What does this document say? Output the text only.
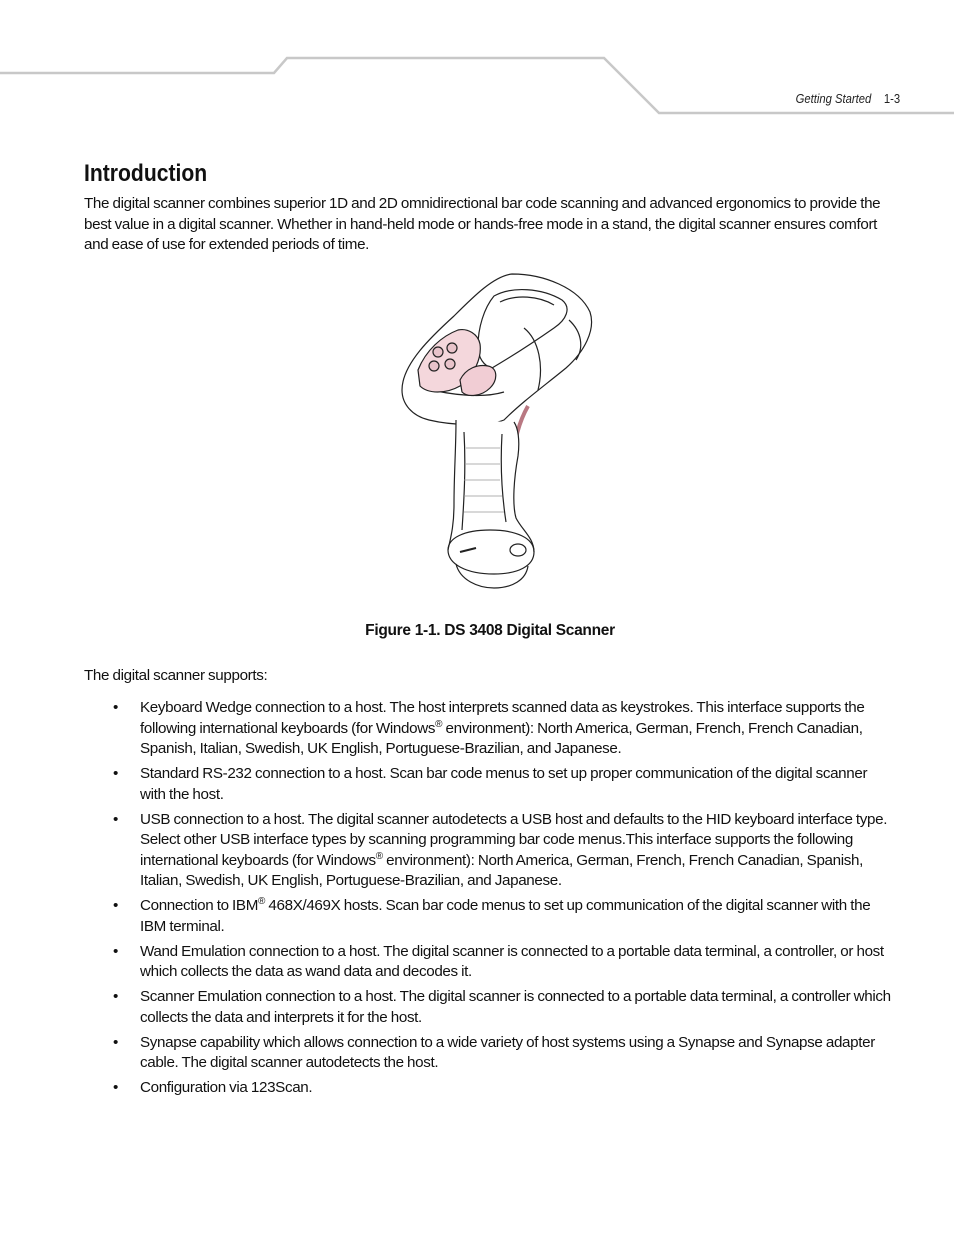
Getting Started 1-3
Introduction

The digital scanner combines superior 1D and 2D omnidirectional bar code scanning and advanced ergonomics to provide the best value in a digital scanner. Whether in hand-held mode or hands-free mode in a stand, the digital scanner ensures comfort and ease of use for extended periods of time.

Figure 1-1. DS 3408 Digital Scanner

The digital scanner supports:

• Keyboard Wedge connection to a host. The host interprets scanned data as keystrokes. This interface supports the following international keyboards (for Windows® environment): North America, German, French, French Canadian, Spanish, Italian, Swedish, UK English, Portuguese-Brazilian, and Japanese.
• Standard RS-232 connection to a host. Scan bar code menus to set up proper communication of the digital scanner with the host.
• USB connection to a host. The digital scanner autodetects a USB host and defaults to the HID keyboard interface type. Select other USB interface types by scanning programming bar code menus.This interface supports the following international keyboards (for Windows® environment): North America, German, French, French Canadian, Spanish, Italian, Swedish, UK English, Portuguese-Brazilian, and Japanese.
• Connection to IBM® 468X/469X hosts. Scan bar code menus to set up communication of the digital scanner with the IBM terminal.
• Wand Emulation connection to a host. The digital scanner is connected to a portable data terminal, a controller, or host which collects the data as wand data and decodes it.
• Scanner Emulation connection to a host. The digital scanner is connected to a portable data terminal, a controller which collects the data and interprets it for the host.
• Synapse capability which allows connection to a wide variety of host systems using a Synapse and Synapse adapter cable. The digital scanner autodetects the host.
• Configuration via 123Scan.
